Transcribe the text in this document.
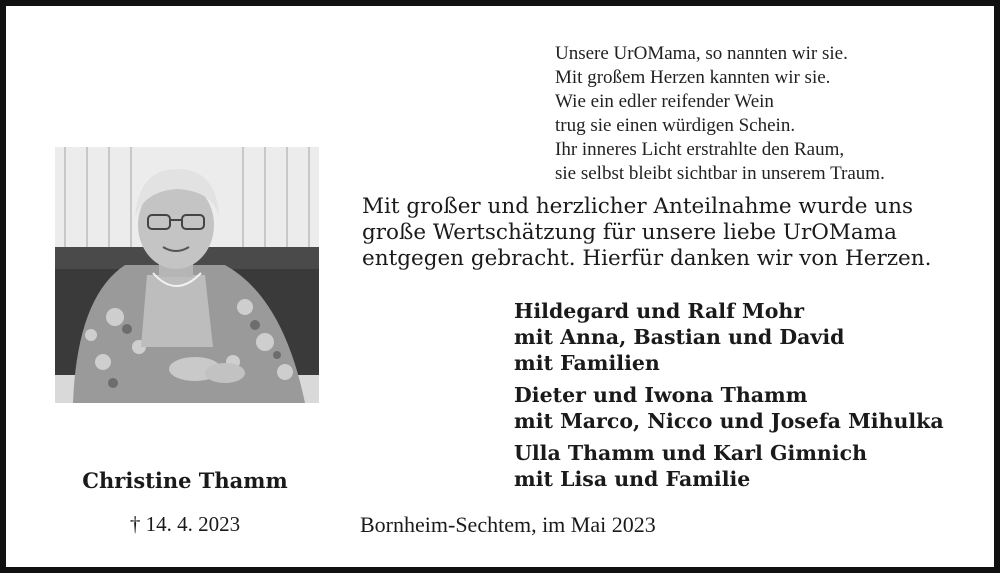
Unsere UrOMama, so nannten wir sie.
Mit großem Herzen kannten wir sie.
Wie ein edler reifender Wein
trug sie einen würdigen Schein.
Ihr inneres Licht erstrahlte den Raum,
sie selbst bleibt sichtbar in unserem Traum.
Mit großer und herzlicher Anteilnahme wurde uns
große Wertschätzung für unsere liebe UrOMama
entgegen gebracht. Hierfür danken wir von Herzen.
Hildegard und Ralf Mohr
mit Anna, Bastian und David
mit Familien
Dieter und Iwona Thamm
mit Marco, Nicco und Josefa Mihulka
Ulla Thamm und Karl Gimnich
mit Lisa und Familie
Christine Thamm
† 14. 4. 2023	Bornheim-Sechtem, im Mai 2023
